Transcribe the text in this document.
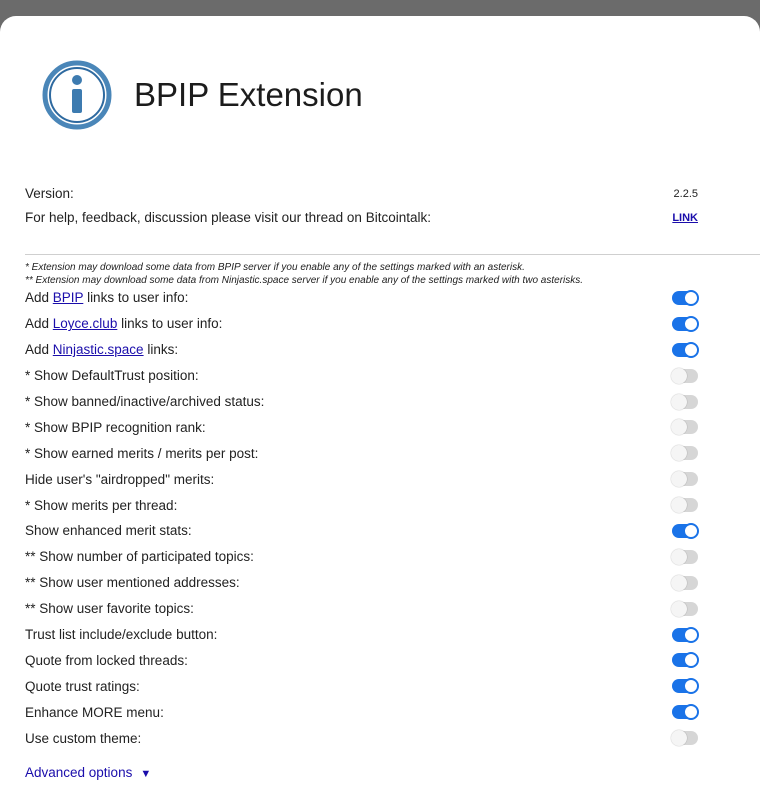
BPIP Extension
Version:	2.2.5
For help, feedback, discussion please visit our thread on Bitcointalk:	LINK
* Extension may download some data from BPIP server if you enable any of the settings marked with an asterisk.
** Extension may download some data from Ninjastic.space server if you enable any of the settings marked with two asterisks.
Add BPIP links to user info:
Add Loyce.club links to user info:
Add Ninjastic.space links:
* Show DefaultTrust position:
* Show banned/inactive/archived status:
* Show BPIP recognition rank:
* Show earned merits / merits per post:
Hide user's "airdropped" merits:
* Show merits per thread:
Show enhanced merit stats:
** Show number of participated topics:
** Show user mentioned addresses:
** Show user favorite topics:
Trust list include/exclude button:
Quote from locked threads:
Quote trust ratings:
Enhance MORE menu:
Use custom theme:
Advanced options ▼
